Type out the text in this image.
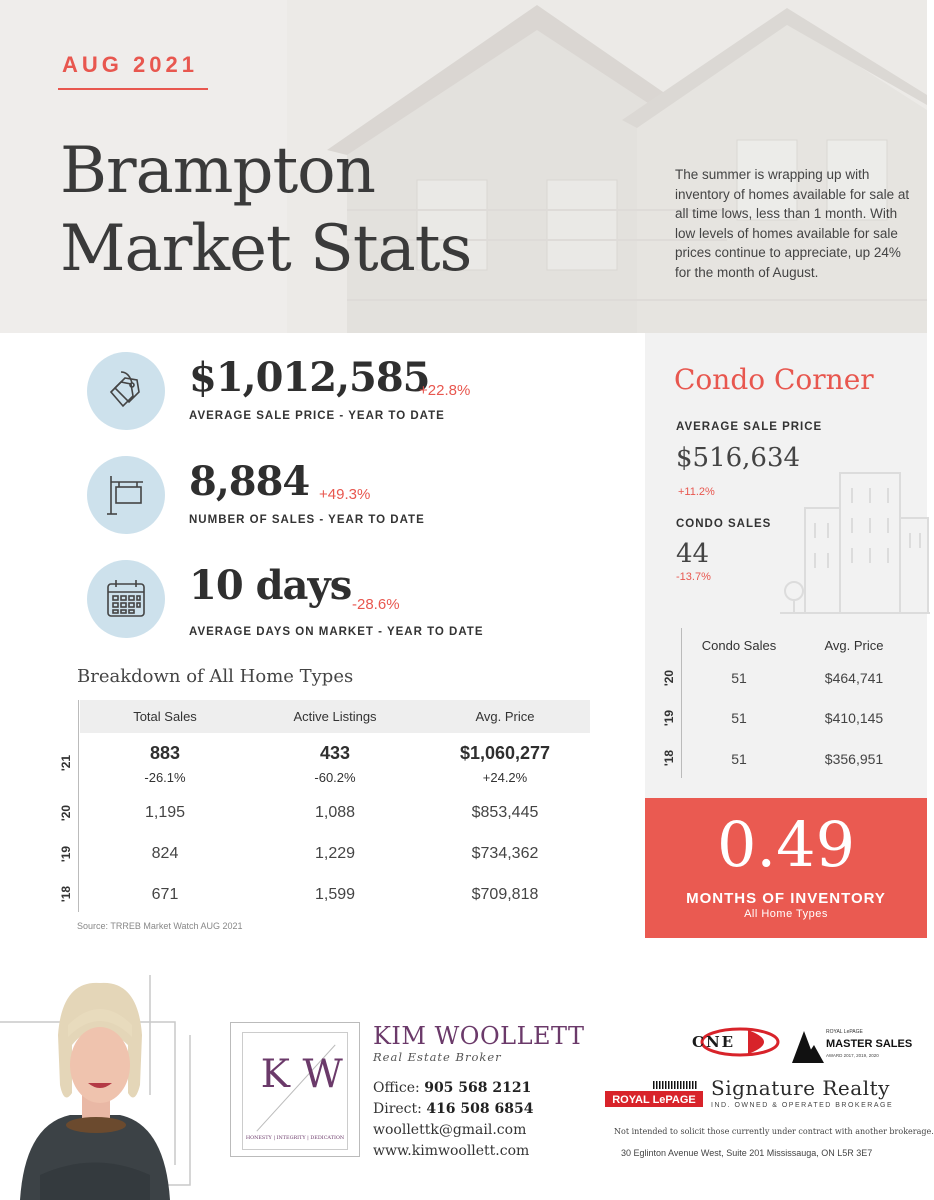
AUG 2021
Brampton
Market Stats
The summer is wrapping up with inventory of homes available for sale at all time lows, less than 1 month. With low levels of homes available for sale prices continue to appreciate, up 24% for the month of August.
$1,012,585
+22.8%
AVERAGE SALE PRICE - YEAR TO DATE
8,884 +49.3%
NUMBER OF SALES - YEAR TO DATE
10 days -28.6%
AVERAGE DAYS ON MARKET - YEAR TO DATE
Breakdown of All Home Types
Total Sales	Active Listings	Avg. Price
'21
883	433	$1,060,277
-26.1%	-60.2%	+24.2%
'20	1,195	1,088	$853,445
'19	824	1,229	$734,362
'18	671	1,599	$709,818
Source: TRREB Market Watch AUG 2021
Condo Corner
AVERAGE SALE PRICE
$516,634
+11.2%
CONDO SALES
44
-13.7%
Condo Sales	Avg. Price
'20	51	$464,741
'19	51	$410,145
'18	51	$356,951
0.49
MONTHS OF INVENTORY
All Home Types
K W
HONESTY | INTEGRITY | DEDICATION
KIM WOOLLETT
Real Estate Broker
Office: 905 568 2121
Direct: 416 508 6854
woollettk@gmail.com
www.kimwoollett.com
CNE
ROYAL LePAGE
MASTER SALES
AWARD 2017, 2019, 2020
ROYAL LePAGE Signature Realty
IND. OWNED & OPERATED BROKERAGE
Not intended to solicit those currently under contract with another brokerage.
30 Eglinton Avenue West, Suite 201 Mississauga, ON L5R 3E7
